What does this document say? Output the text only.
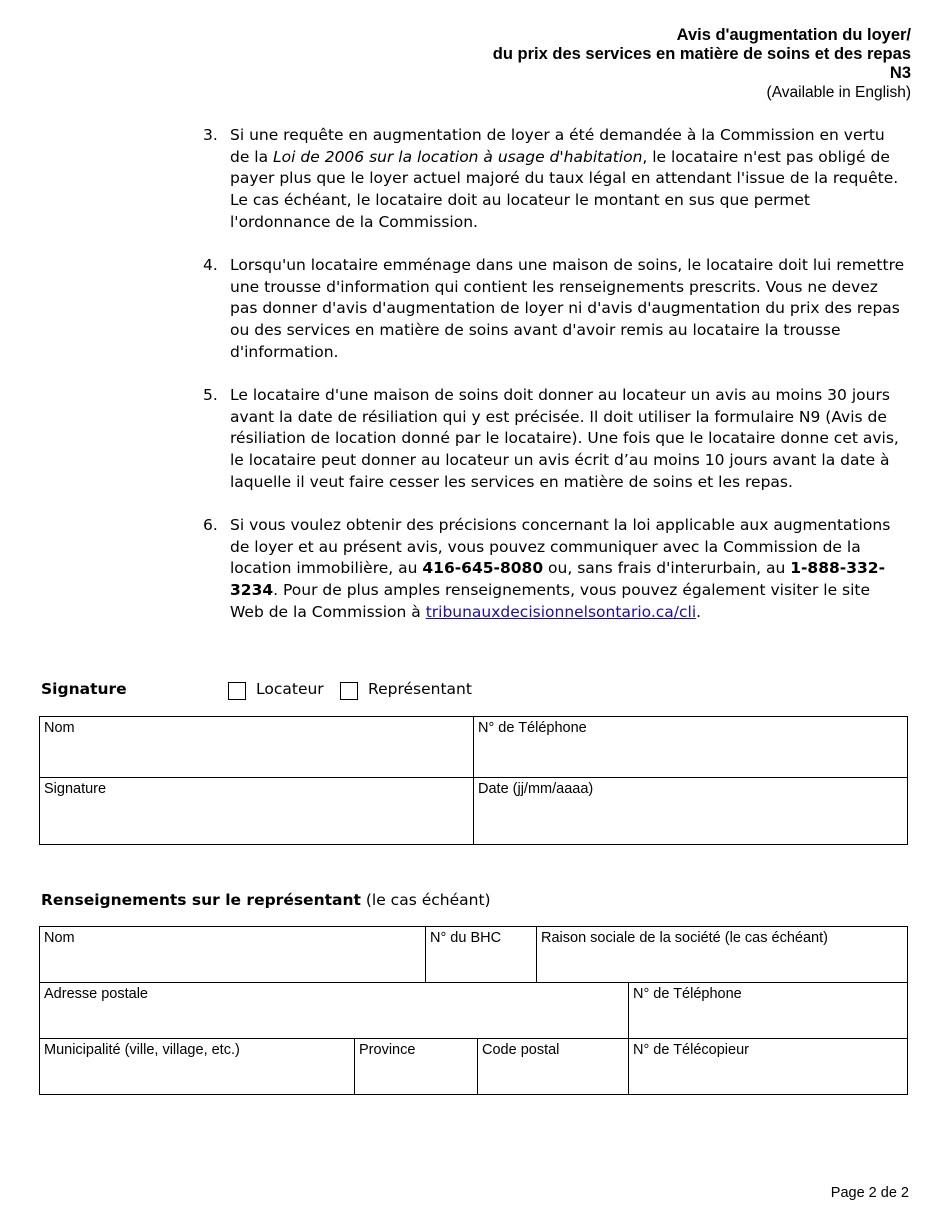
Avis d'augmentation du loyer/
du prix des services en matière de soins et des repas
N3
(Available in English)
3. Si une requête en augmentation de loyer a été demandée à la Commission en vertu de la Loi de 2006 sur la location à usage d'habitation, le locataire n'est pas obligé de payer plus que le loyer actuel majoré du taux légal en attendant l'issue de la requête. Le cas échéant, le locataire doit au locateur le montant en sus que permet l'ordonnance de la Commission.
4. Lorsqu'un locataire emménage dans une maison de soins, le locataire doit lui remettre une trousse d'information qui contient les renseignements prescrits. Vous ne devez pas donner d'avis d'augmentation de loyer ni d'avis d'augmentation du prix des repas ou des services en matière de soins avant d'avoir remis au locataire la trousse d'information.
5. Le locataire d'une maison de soins doit donner au locateur un avis au moins 30 jours avant la date de résiliation qui y est précisée. Il doit utiliser la formulaire N9 (Avis de résiliation de location donné par le locataire). Une fois que le locataire donne cet avis, le locataire peut donner au locateur un avis écrit d’au moins 10 jours avant la date à laquelle il veut faire cesser les services en matière de soins et les repas.
6. Si vous voulez obtenir des précisions concernant la loi applicable aux augmentations de loyer et au présent avis, vous pouvez communiquer avec la Commission de la location immobilière, au 416-645-8080 ou, sans frais d'interurbain, au 1-888-332-3234. Pour de plus amples renseignements, vous pouvez également visiter le site Web de la Commission à tribunauxdecisionnelsontario.ca/cli.
Signature	Locateur	Représentant
Nom	N° de Téléphone
Signature	Date (jj/mm/aaaa)
Renseignements sur le représentant (le cas échéant)
Nom	N° du BHC	Raison sociale de la société (le cas échéant)
Adresse postale	N° de Téléphone
Municipalité (ville, village, etc.)	Province	Code postal	N° de Télécopieur
Page 2 de 2
